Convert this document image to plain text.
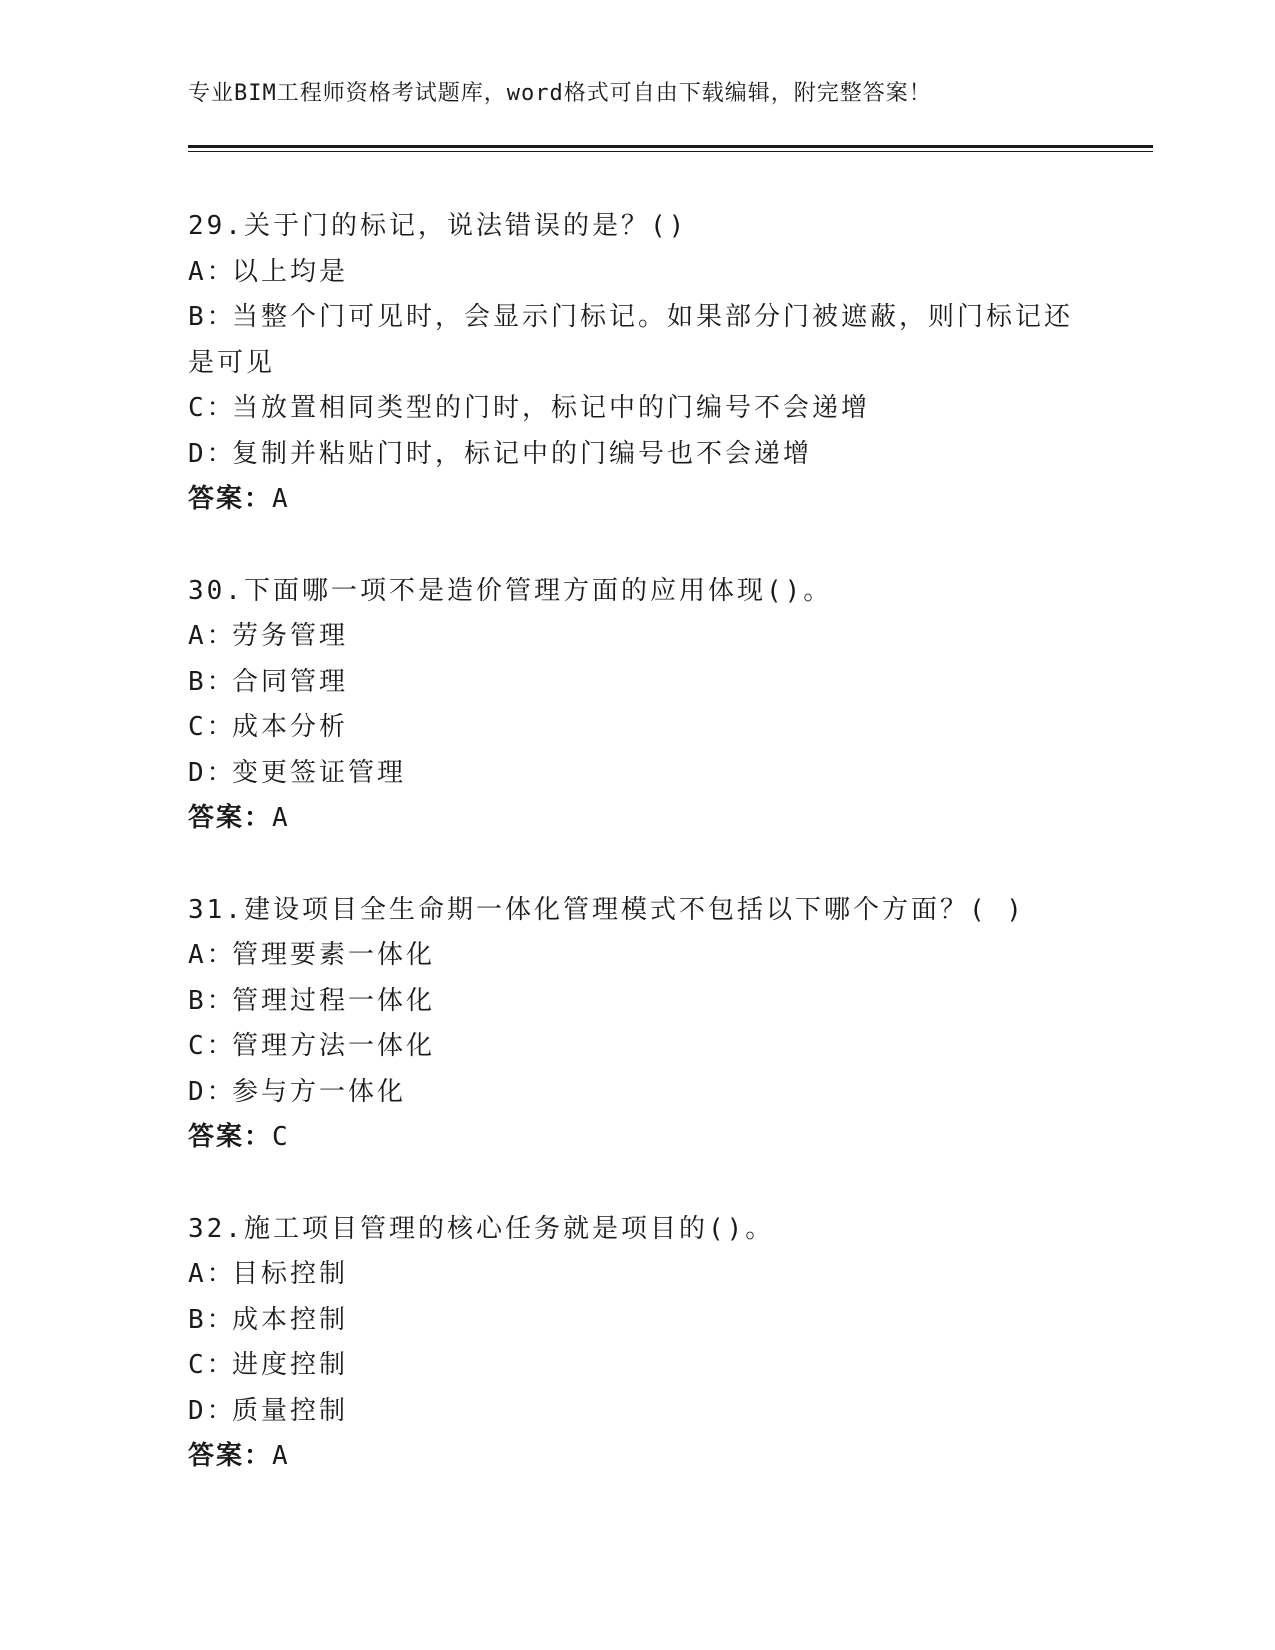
专业BIM工程师资格考试题库，word格式可自由下载编辑，附完整答案！
29.关于门的标记，说法错误的是？()
A：以上均是
B：当整个门可见时，会显示门标记。如果部分门被遮蔽，则门标记还是可见
C：当放置相同类型的门时，标记中的门编号不会递增
D：复制并粘贴门时，标记中的门编号也不会递增
答案：A
30.下面哪一项不是造价管理方面的应用体现()。
A：劳务管理
B：合同管理
C：成本分析
D：变更签证管理
答案：A
31.建设项目全生命期一体化管理模式不包括以下哪个方面？( )
A：管理要素一体化
B：管理过程一体化
C：管理方法一体化
D：参与方一体化
答案：C
32.施工项目管理的核心任务就是项目的()。
A：目标控制
B：成本控制
C：进度控制
D：质量控制
答案：A
